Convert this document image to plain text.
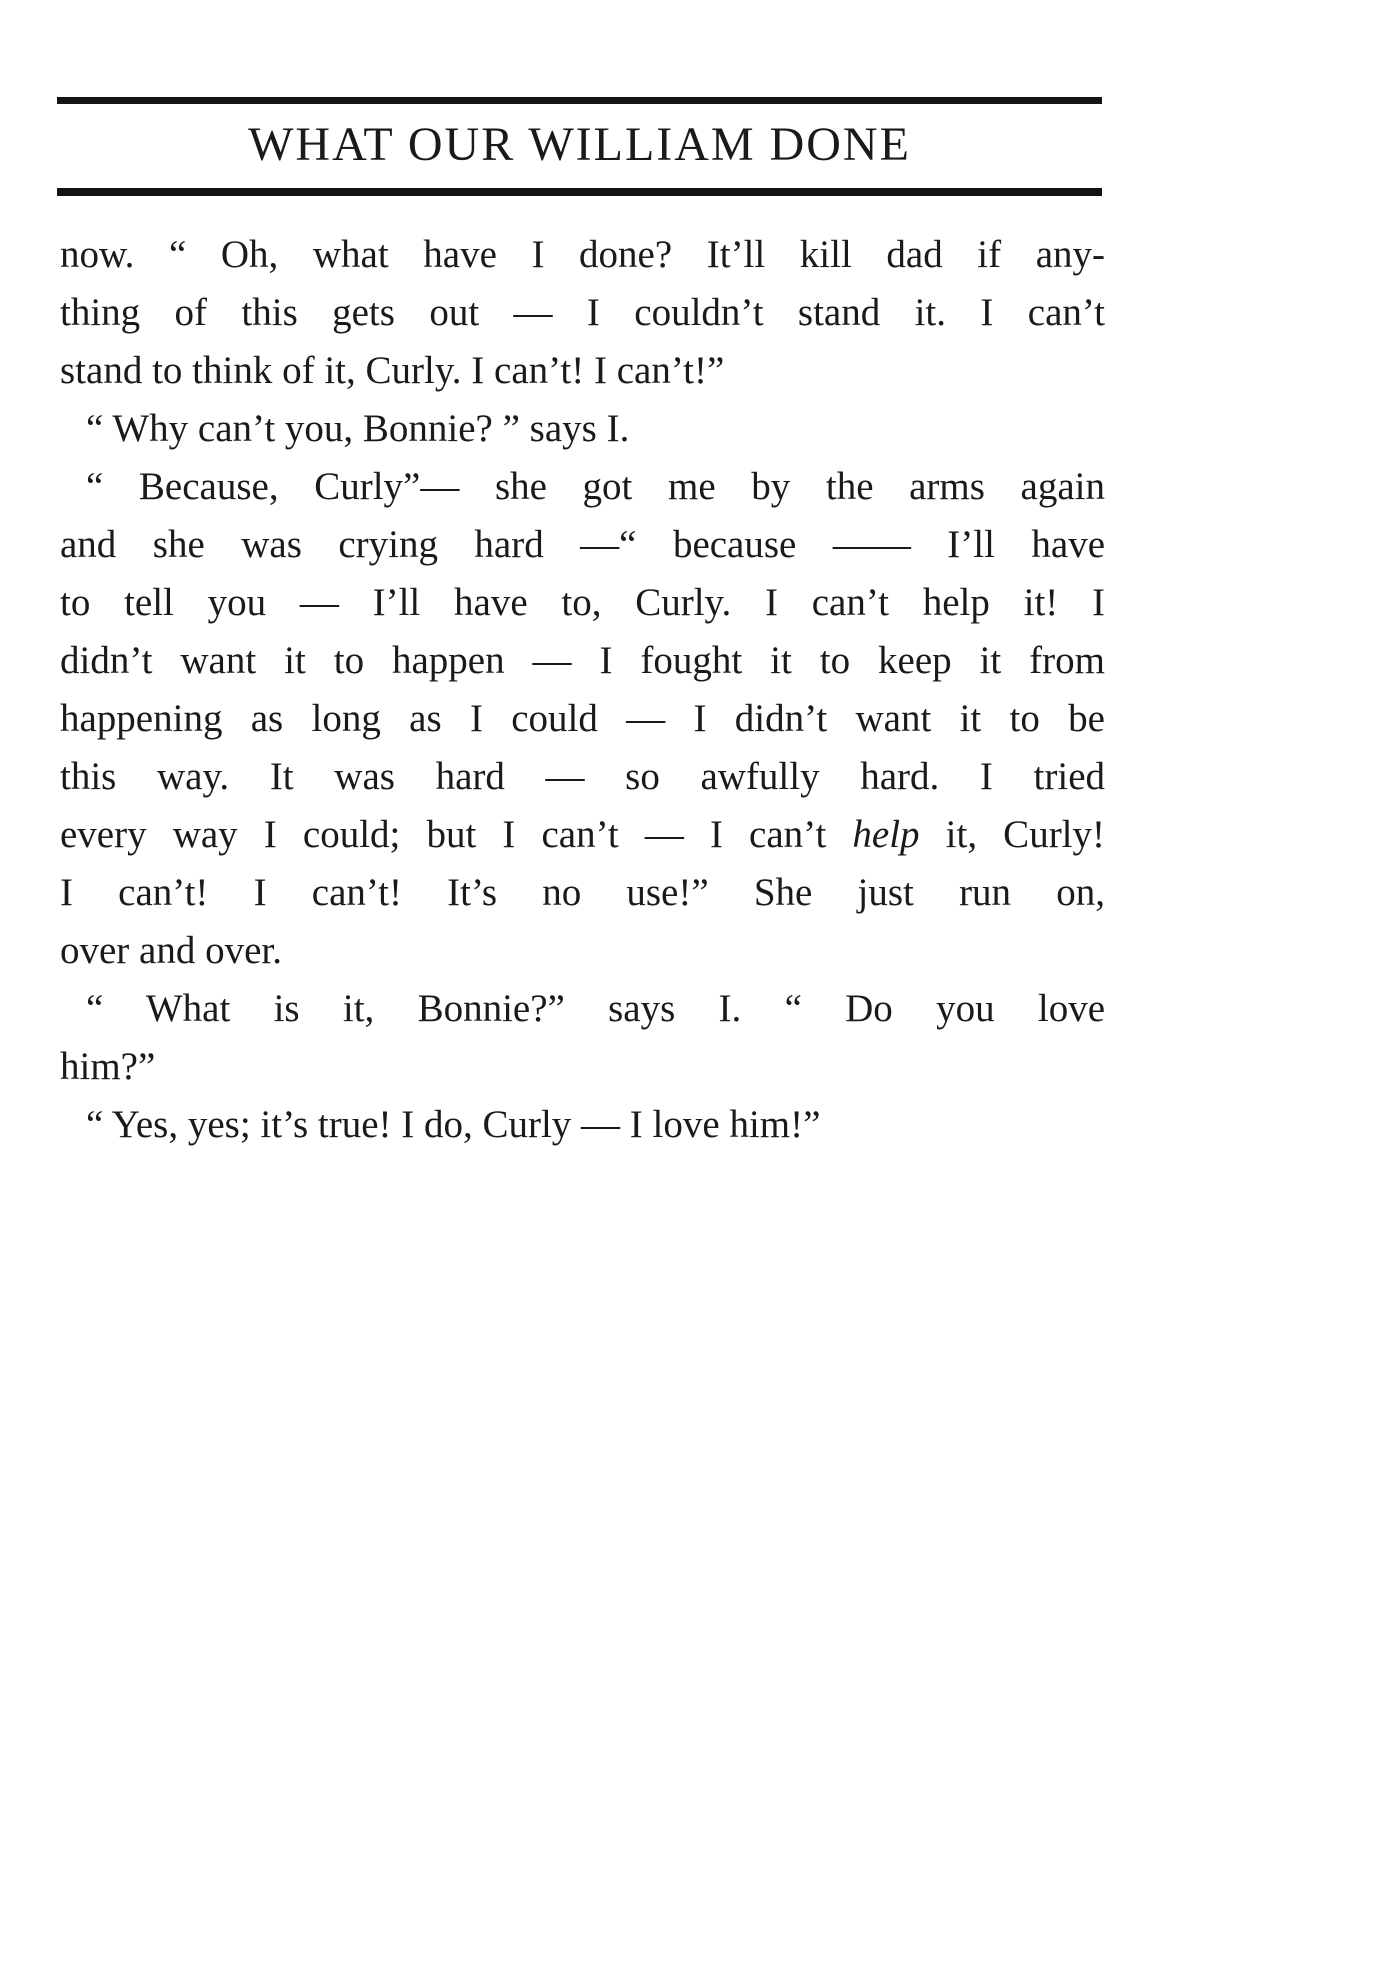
WHAT OUR WILLIAM DONE
now. “ Oh, what have I done? It’ll kill dad if any-
thing of this gets out — I couldn’t stand it. I can’t
stand to think of it, Curly. I can’t! I can’t!”
“ Why can’t you, Bonnie? ” says I.
“ Because, Curly”— she got me by the arms again
and she was crying hard —“ because —— I’ll have
to tell you — I’ll have to, Curly. I can’t help it! I
didn’t want it to happen — I fought it to keep it from
happening as long as I could — I didn’t want it to be
this way. It was hard — so awfully hard. I tried
every way I could; but I can’t — I can’t help it, Curly!
I can’t! I can’t! It’s no use!” She just run on,
over and over.
“ What is it, Bonnie?” says I. “ Do you love
him?”
“ Yes, yes; it’s true! I do, Curly — I love him!”
